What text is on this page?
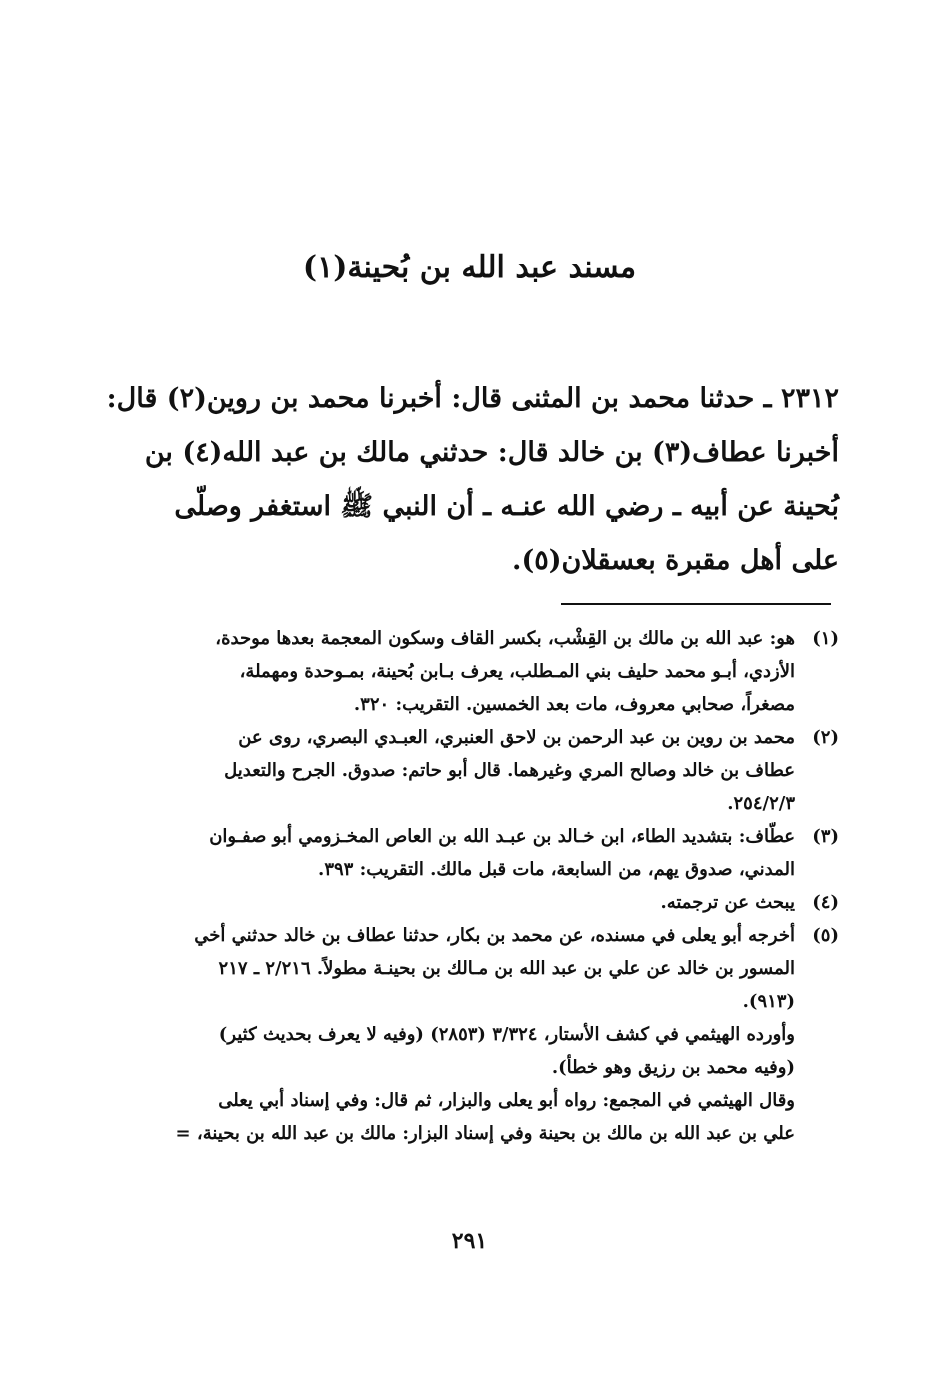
مسند عبد الله بن بُحينة(١)
٢٣١٢ ـ حدثنا محمد بن المثنى قال: أخبرنا محمد بن روين(٢) قال:
أخبرنا عطاف(٣) بن خالد قال: حدثني مالك بن عبد الله(٤) بن
بُحينة عن أبيه ـ رضي الله عنـه ـ أن النبي ﷺ استغفر وصلّى
على أهل مقبرة بعسقلان(٥).
(١)
هو: عبد الله بن مالك بن القِشْب، بكسر القاف وسكون المعجمة بعدها موحدة،
الأزدي، أبـو محمد حليف بني المـطلب، يعرف بـابن بُحينة، بمـوحدة ومهملة،
مصغراً، صحابي معروف، مات بعد الخمسين. التقريب: ٣٢٠.
(٢)
محمد بن روين بن عبد الرحمن بن لاحق العنبري، العبـدي البصري، روى عن
عطاف بن خالد وصالح المري وغيرهما. قال أبو حاتم: صدوق. الجرح والتعديل
٢٥٤/٢/٣.
(٣)
عطّاف: بتشديد الطاء، ابن خـالد بن عبـد الله بن العاص المخـزومي أبو صفـوان
المدني، صدوق يهم، من السابعة، مات قبل مالك. التقريب: ٣٩٣.
(٤)
يبحث عن ترجمته.
(٥)
أخرجه أبو يعلى في مسنده، عن محمد بن بكار، حدثنا عطاف بن خالد حدثني أخي
المسور بن خالد عن علي بن عبد الله بن مـالك بن بحينـة مطولاً. ٢/٢١٦ ـ ٢١٧
(٩١٣).
وأورده الهيثمي في كشف الأستار، ٣/٣٢٤ (٢٨٥٣) (وفيه لا يعرف بحديث كثير)
(وفيه محمد بن رزيق وهو خطأ).
وقال الهيثمي في المجمع: رواه أبو يعلى والبزار، ثم قال: وفي إسناد أبي يعلى
علي بن عبد الله بن مالك بن بحينة وفي إسناد البزار: مالك بن عبد الله بن بحينة، =
٢٩١
